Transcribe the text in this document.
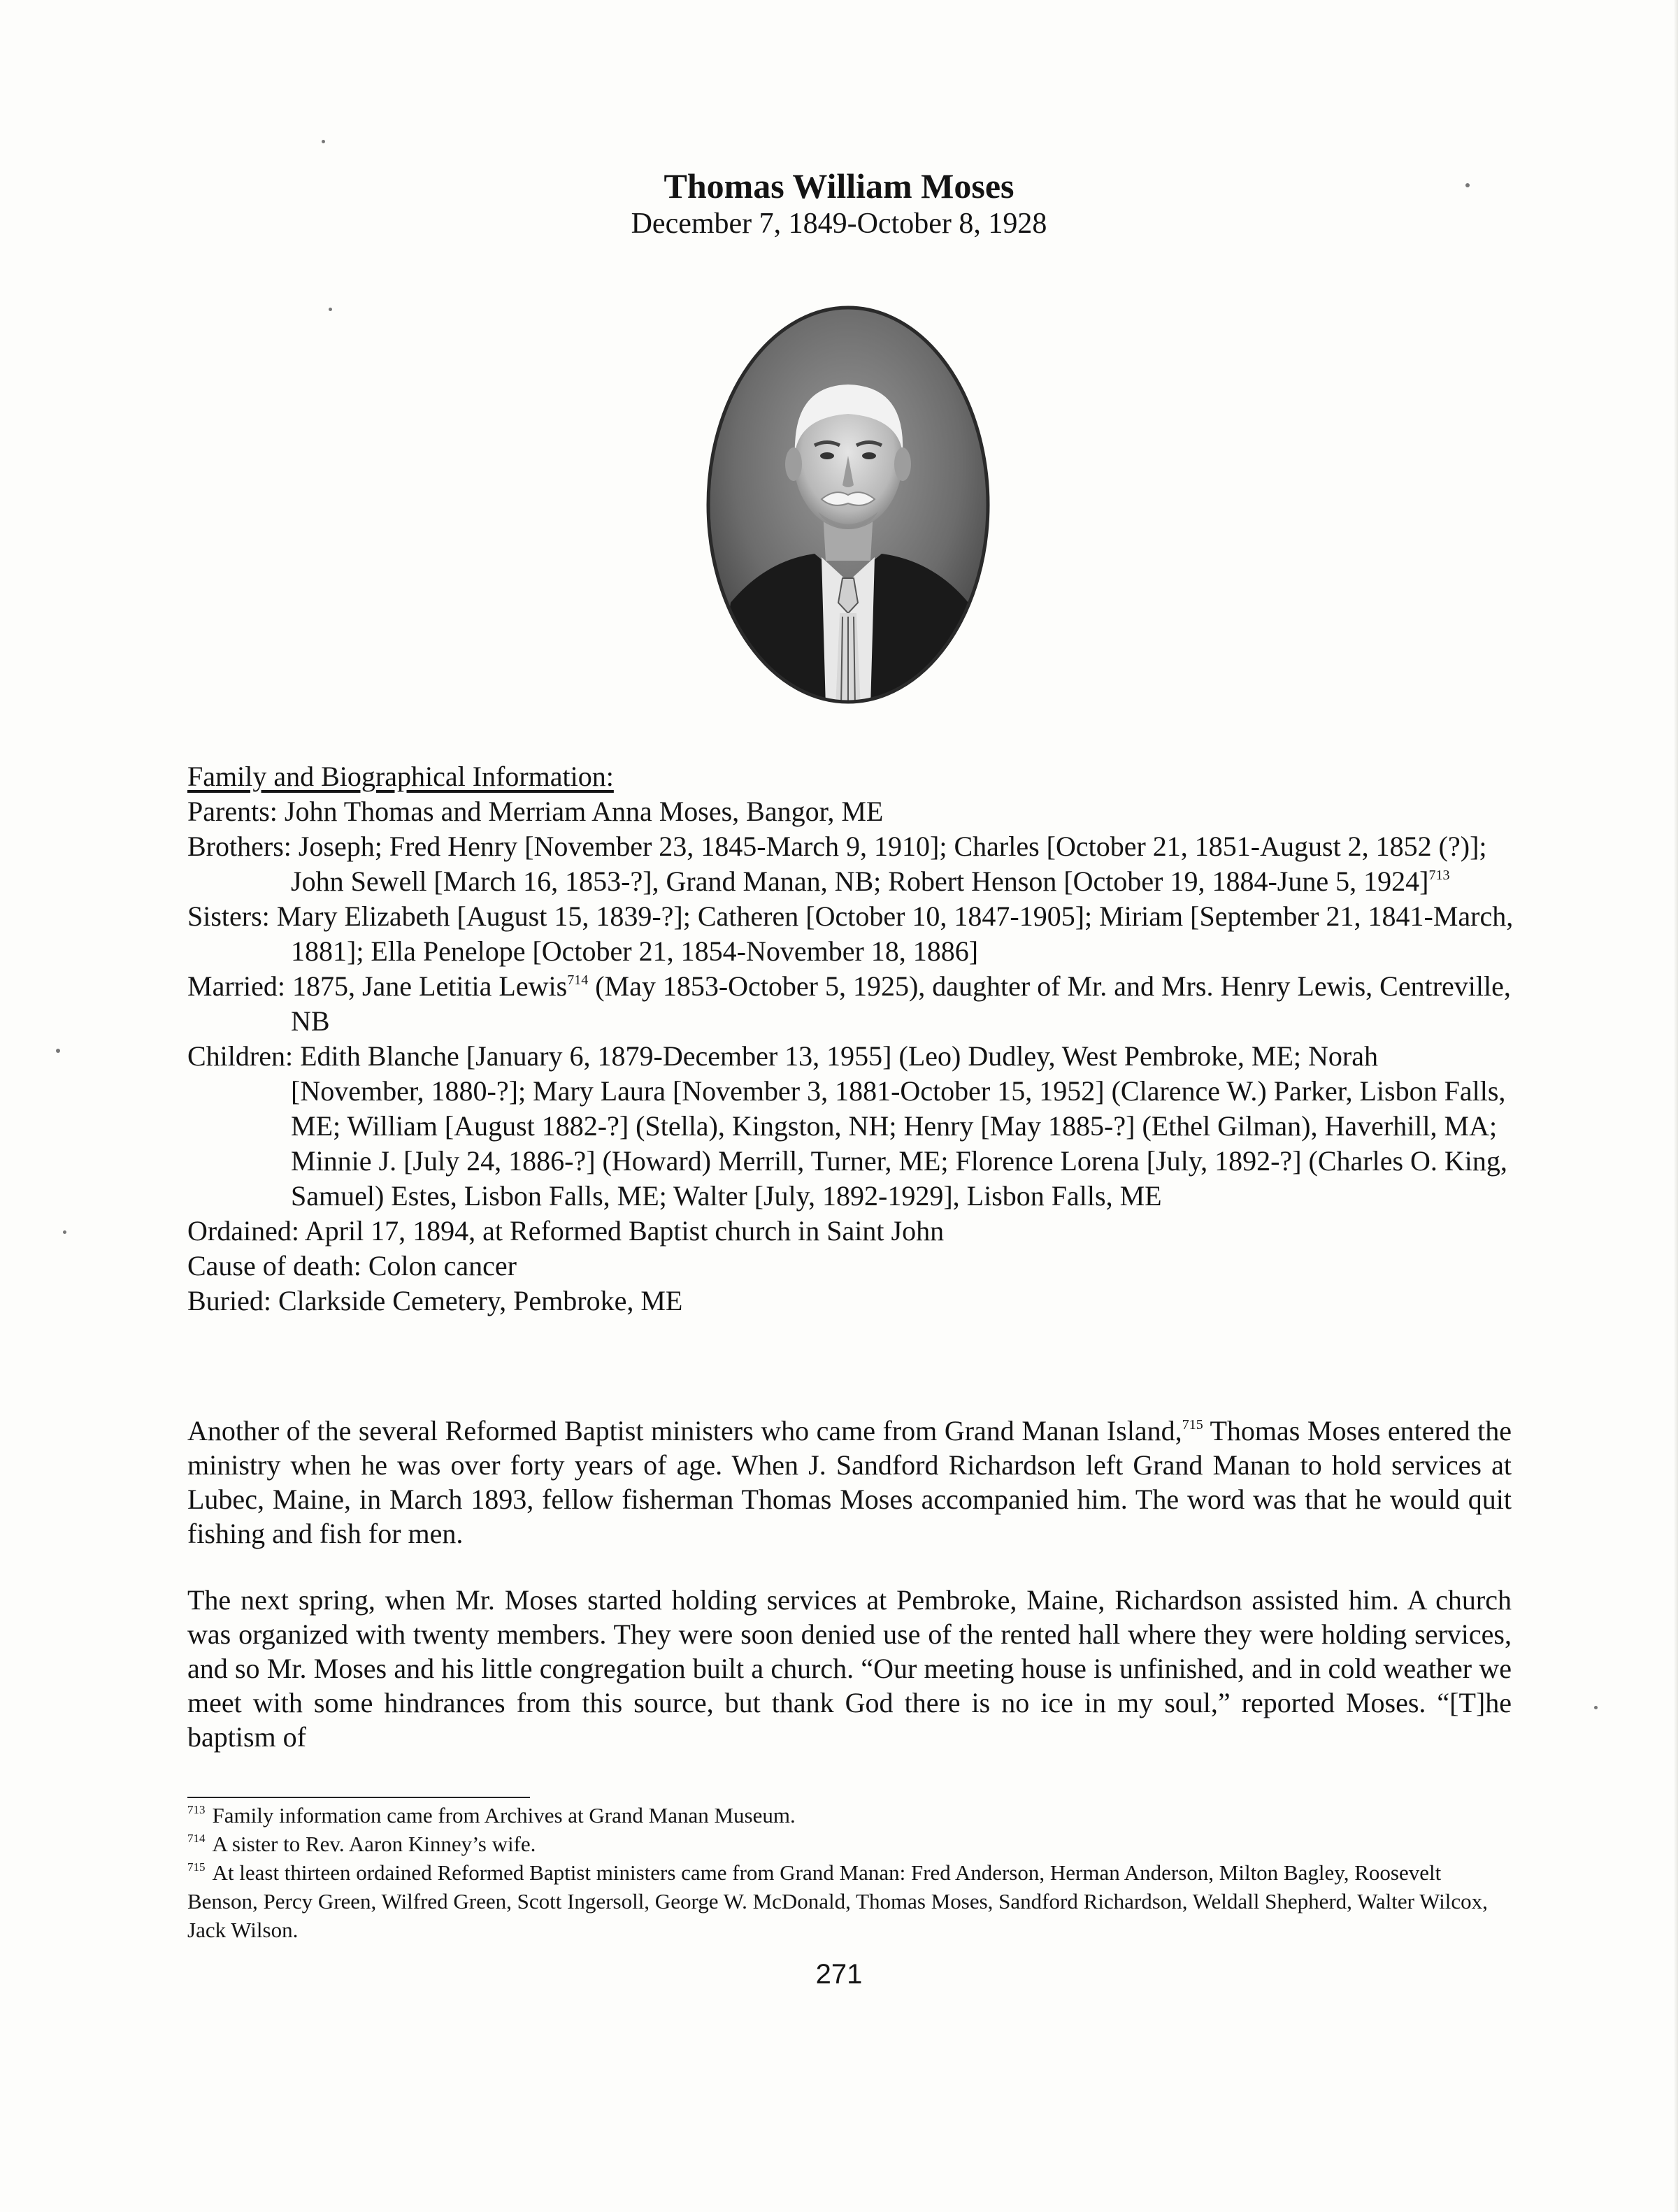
Thomas William Moses
December 7, 1849-October 8, 1928
Family and Biographical Information:
Parents: John Thomas and Merriam Anna Moses, Bangor, ME
Brothers: Joseph; Fred Henry [November 23, 1845-March 9, 1910]; Charles [October 21, 1851-August 2, 1852 (?)]; John Sewell [March 16, 1853-?], Grand Manan, NB; Robert Henson [October 19, 1884-June 5, 1924]$^{713}$
Sisters: Mary Elizabeth [August 15, 1839-?]; Catheren [October 10, 1847-1905]; Miriam [September 21, 1841-March, 1881]; Ella Penelope [October 21, 1854-November 18, 1886]
Married: 1875, Jane Letitia Lewis$^{714}$ (May 1853-October 5, 1925), daughter of Mr. and Mrs. Henry Lewis, Centreville, NB
Children: Edith Blanche [January 6, 1879-December 13, 1955] (Leo) Dudley, West Pembroke, ME; Norah [November, 1880-?]; Mary Laura [November 3, 1881-October 15, 1952] (Clarence W.) Parker, Lisbon Falls, ME; William [August 1882-?] (Stella), Kingston, NH; Henry [May 1885-?] (Ethel Gilman), Haverhill, MA; Minnie J. [July 24, 1886-?] (Howard) Merrill, Turner, ME; Florence Lorena [July, 1892-?] (Charles O. King, Samuel) Estes, Lisbon Falls, ME; Walter [July, 1892-1929], Lisbon Falls, ME
Ordained: April 17, 1894, at Reformed Baptist church in Saint John
Cause of death: Colon cancer
Buried: Clarkside Cemetery, Pembroke, ME
Another of the several Reformed Baptist ministers who came from Grand Manan Island,$^{715}$ Thomas Moses entered the ministry when he was over forty years of age. When J. Sandford Richardson left Grand Manan to hold services at Lubec, Maine, in March 1893, fellow fisherman Thomas Moses accompanied him. The word was that he would quit fishing and fish for men.
The next spring, when Mr. Moses started holding services at Pembroke, Maine, Richardson assisted him. A church was organized with twenty members. They were soon denied use of the rented hall where they were holding services, and so Mr. Moses and his little congregation built a church. “Our meeting house is unfinished, and in cold weather we meet with some hindrances from this source, but thank God there is no ice in my soul,” reported Moses. “[T]he baptism of

$^{713}$ Family information came from Archives at Grand Manan Museum.

$^{714}$ A sister to Rev. Aaron Kinney’s wife.

$^{715}$ At least thirteen ordained Reformed Baptist ministers came from Grand Manan: Fred Anderson, Herman Anderson, Milton Bagley, Roosevelt Benson, Percy Green, Wilfred Green, Scott Ingersoll, George W. McDonald, Thomas Moses, Sandford Richardson, Weldall Shepherd, Walter Wilcox, Jack Wilson.

271
